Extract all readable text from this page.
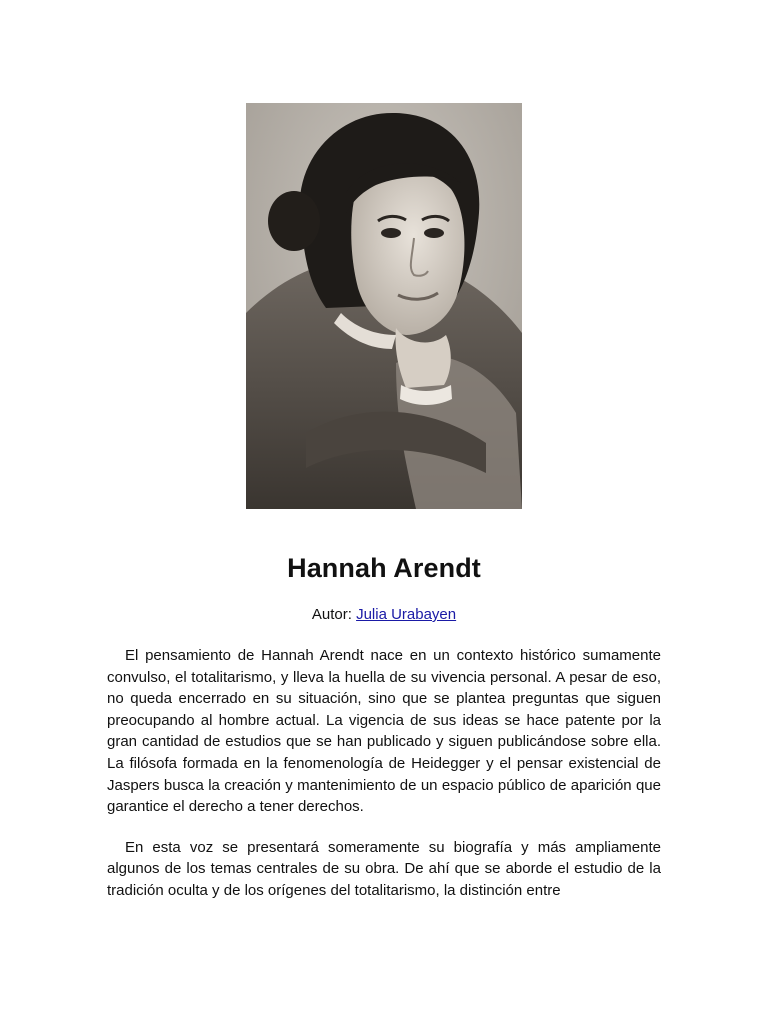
Hannah Arendt
Autor: Julia Urabayen

El pensamiento de Hannah Arendt nace en un contexto histórico sumamente convulso, el totalitarismo, y lleva la huella de su vivencia personal. A pesar de eso, no queda encerrado en su situación, sino que se plantea preguntas que siguen preocupando al hombre actual. La vigencia de sus ideas se hace patente por la gran cantidad de estudios que se han publicado y siguen publicándose sobre ella. La filósofa formada en la fenomenología de Heidegger y el pensar existencial de Jaspers busca la creación y mantenimiento de un espacio público de aparición que garantice el derecho a tener derechos.

En esta voz se presentará someramente su biografía y más ampliamente algunos de los temas centrales de su obra. De ahí que se aborde el estudio de la tradición oculta y de los orígenes del totalitarismo, la distinción entre
